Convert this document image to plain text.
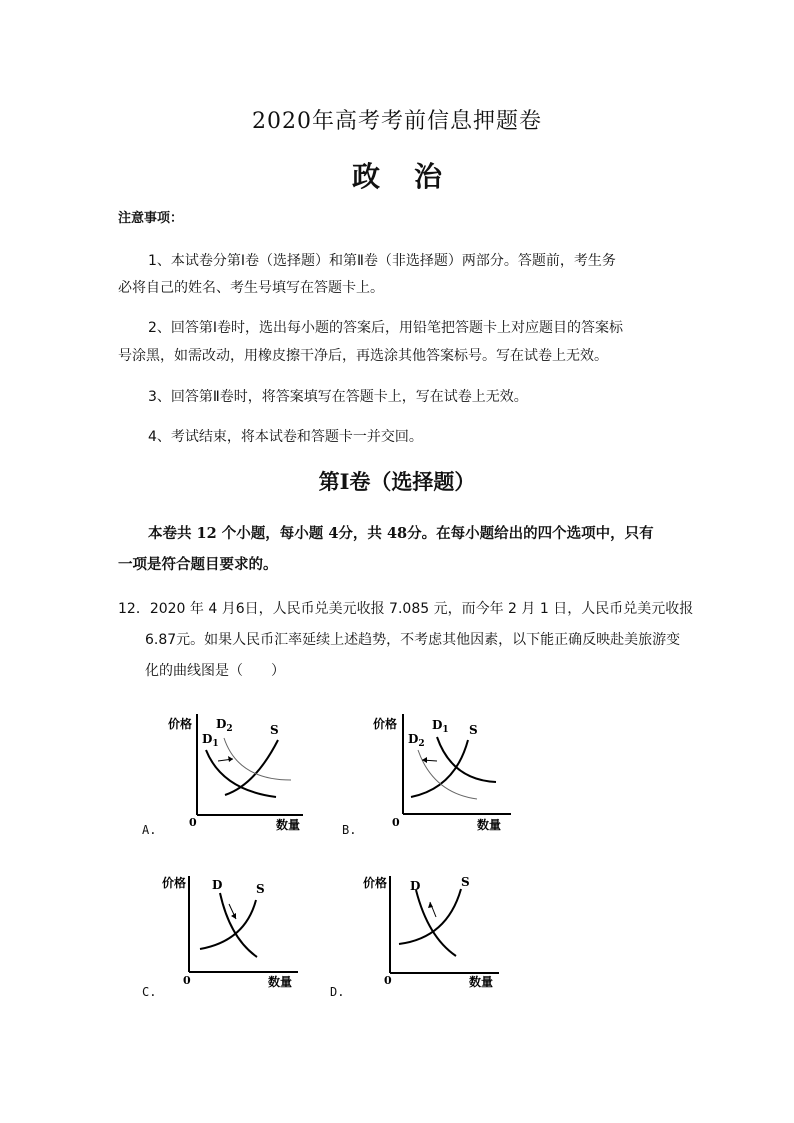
2020年高考考前信息押题卷
政治
注意事项：
1、本试卷分第Ⅰ卷（选择题）和第Ⅱ卷（非选择题）两部分。答题前，考生务
必将自己的姓名、考生号填写在答题卡上。
2、回答第Ⅰ卷时，选出每小题的答案后，用铅笔把答题卡上对应题目的答案标
号涂黑，如需改动，用橡皮擦干净后，再选涂其他答案标号。写在试卷上无效。
3、回答第Ⅱ卷时，将答案填写在答题卡上，写在试卷上无效。
4、考试结束，将本试卷和答题卡一并交回。
第Ⅰ卷（选择题）
本卷共 12 个小题，每小题 4分，共 48分。在每小题给出的四个选项中，只有
一项是符合题目要求的。
12．2020 年 4 月6日，人民币兑美元收报 7.085 元，而今年 2 月 1 日，人民币兑美元收报
6.87元。如果人民币汇率延续上述趋势，不考虑其他因素，以下能正确反映赴美旅游变
化的曲线图是（　　）
价格
数量
0
S
$D_1$
$D_2$
A.
价格
数量
0
S
$D_1$
$D_2$
B.
价格
数量
0
S
D
C.
价格
数量
0
S
D
D.
